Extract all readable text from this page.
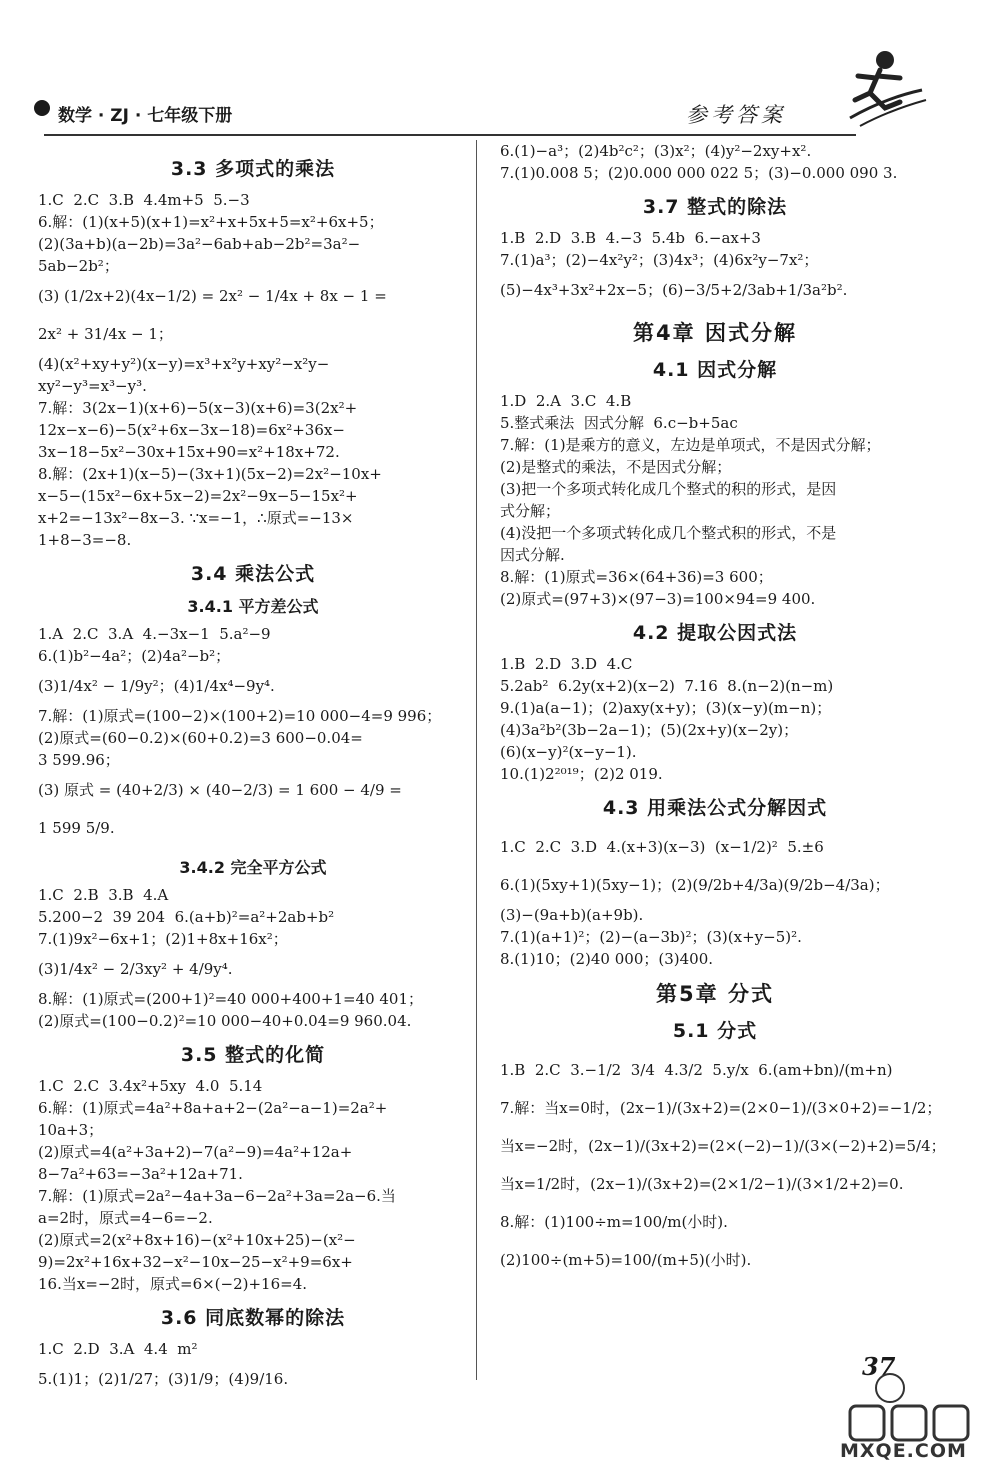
数学 · ZJ · 七年级下册	参考答案
3.3 多项式的乘法
1.C  2.C  3.B  4.4m+5  5.−3
6.解：(1)(x+5)(x+1)=x²+x+5x+5=x²+6x+5；
(2)(3a+b)(a−2b)=3a²−6ab+ab−2b²=3a²−
5ab−2b²；
(3) (1/2x+2)(4x−1/2) = 2x² − 1/4x + 8x − 1 =
2x² + 31/4x − 1；
(4)(x²+xy+y²)(x−y)=x³+x²y+xy²−x²y−
xy²−y³=x³−y³.
7.解：3(2x−1)(x+6)−5(x−3)(x+6)=3(2x²+
12x−x−6)−5(x²+6x−3x−18)=6x²+36x−
3x−18−5x²−30x+15x+90=x²+18x+72.
8.解：(2x+1)(x−5)−(3x+1)(5x−2)=2x²−10x+
x−5−(15x²−6x+5x−2)=2x²−9x−5−15x²+
x+2=−13x²−8x−3. ∵x=−1，∴原式=−13×
1+8−3=−8.
3.4 乘法公式
3.4.1 平方差公式
1.A  2.C  3.A  4.−3x−1  5.a²−9
6.(1)b²−4a²；(2)4a²−b²；
(3)1/4x² − 1/9y²；(4)1/4x⁴−9y⁴.
7.解：(1)原式=(100−2)×(100+2)=10 000−4=9 996；
(2)原式=(60−0.2)×(60+0.2)=3 600−0.04=
3 599.96；
(3) 原式 = (40+2/3) × (40−2/3) = 1 600 − 4/9 =
1 599 5/9.
3.4.2 完全平方公式
1.C  2.B  3.B  4.A
5.200−2  39 204  6.(a+b)²=a²+2ab+b²
7.(1)9x²−6x+1；(2)1+8x+16x²；
(3)1/4x² − 2/3xy² + 4/9y⁴.
8.解：(1)原式=(200+1)²=40 000+400+1=40 401；
(2)原式=(100−0.2)²=10 000−40+0.04=9 960.04.
3.5 整式的化简
1.C  2.C  3.4x²+5xy  4.0  5.14
6.解：(1)原式=4a²+8a+a+2−(2a²−a−1)=2a²+
10a+3；
(2)原式=4(a²+3a+2)−7(a²−9)=4a²+12a+
8−7a²+63=−3a²+12a+71.
7.解：(1)原式=2a²−4a+3a−6−2a²+3a=2a−6.当
a=2时，原式=4−6=−2.
(2)原式=2(x²+8x+16)−(x²+10x+25)−(x²−
9)=2x²+16x+32−x²−10x−25−x²+9=6x+
16.当x=−2时，原式=6×(−2)+16=4.
3.6 同底数幂的除法
1.C  2.D  3.A  4.4  m²
5.(1)1；(2)1/27；(3)1/9；(4)9/16.
6.(1)−a³；(2)4b²c²；(3)x²；(4)y²−2xy+x².
7.(1)0.008 5；(2)0.000 000 022 5；(3)−0.000 090 3.
3.7 整式的除法
1.B  2.D  3.B  4.−3  5.4b  6.−ax+3
7.(1)a³；(2)−4x²y²；(3)4x³；(4)6x²y−7x²；
(5)−4x³+3x²+2x−5；(6)−3/5+2/3ab+1/3a²b².
第4章 因式分解
4.1 因式分解
1.D  2.A  3.C  4.B
5.整式乘法  因式分解  6.c−b+5ac
7.解：(1)是乘方的意义，左边是单项式，不是因式分解；
(2)是整式的乘法，不是因式分解；
(3)把一个多项式转化成几个整式的积的形式，是因
式分解；
(4)没把一个多项式转化成几个整式积的形式，不是
因式分解.
8.解：(1)原式=36×(64+36)=3 600；
(2)原式=(97+3)×(97−3)=100×94=9 400.
4.2 提取公因式法
1.B  2.D  3.D  4.C
5.2ab²  6.2y(x+2)(x−2)  7.16  8.(n−2)(n−m)
9.(1)a(a−1)；(2)axy(x+y)；(3)(x−y)(m−n)；
(4)3a²b²(3b−2a−1)；(5)(2x+y)(x−2y)；
(6)(x−y)²(x−y−1).
10.(1)2²⁰¹⁹；(2)2 019.
4.3 用乘法公式分解因式
1.C  2.C  3.D  4.(x+3)(x−3)  (x−1/2)²  5.±6
6.(1)(5xy+1)(5xy−1)；(2)(9/2b+4/3a)(9/2b−4/3a)；
(3)−(9a+b)(a+9b).
7.(1)(a+1)²；(2)−(a−3b)²；(3)(x+y−5)².
8.(1)10；(2)40 000；(3)400.
第5章 分式
5.1 分式
1.B  2.C  3.−1/2  3/4  4.3/2  5.y/x  6.(am+bn)/(m+n)
7.解：当x=0时，(2x−1)/(3x+2)=(2×0−1)/(3×0+2)=−1/2；
当x=−2时，(2x−1)/(3x+2)=(2×(−2)−1)/(3×(−2)+2)=5/4；
当x=1/2时，(2x−1)/(3x+2)=(2×1/2−1)/(3×1/2+2)=0.
8.解：(1)100÷m=100/m(小时).
(2)100÷(m+5)=100/(m+5)(小时).
37
MXQE.COM
